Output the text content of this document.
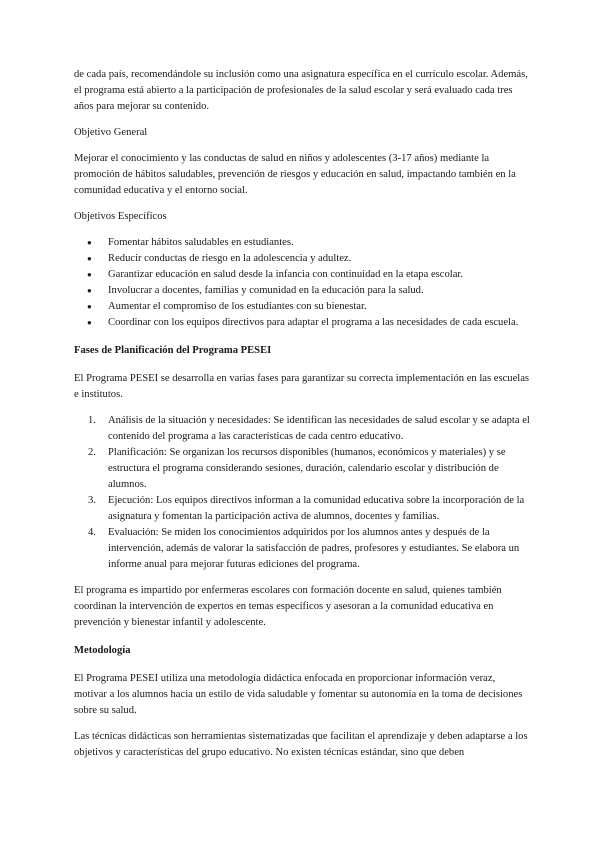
de cada país, recomendándole su inclusión como una asignatura específica en el currículo escolar. Además, el programa está abierto a la participación de profesionales de la salud escolar y será evaluado cada tres años para mejorar su contenido.

Objetivo General

Mejorar el conocimiento y las conductas de salud en niños y adolescentes (3-17 años) mediante la promoción de hábitos saludables, prevención de riesgos y educación en salud, impactando también en la comunidad educativa y el entorno social.

Objetivos Específicos

● Fomentar hábitos saludables en estudiantes.
● Reducir conductas de riesgo en la adolescencia y adultez.
● Garantizar educación en salud desde la infancia con continuidad en la etapa escolar.
● Involucrar a docentes, familias y comunidad en la educación para la salud.
● Aumentar el compromiso de los estudiantes con su bienestar.
● Coordinar con los equipos directivos para adaptar el programa a las necesidades de cada escuela.

Fases de Planificación del Programa PESEI

El Programa PESEI se desarrolla en varias fases para garantizar su correcta implementación en las escuelas e institutos.

1. Análisis de la situación y necesidades: Se identifican las necesidades de salud escolar y se adapta el contenido del programa a las características de cada centro educativo.
2. Planificación: Se organizan los recursos disponibles (humanos, económicos y materiales) y se estructura el programa considerando sesiones, duración, calendario escolar y distribución de alumnos.
3. Ejecución: Los equipos directivos informan a la comunidad educativa sobre la incorporación de la asignatura y fomentan la participación activa de alumnos, docentes y familias.
4. Evaluación: Se miden los conocimientos adquiridos por los alumnos antes y después de la intervención, además de valorar la satisfacción de padres, profesores y estudiantes. Se elabora un informe anual para mejorar futuras ediciones del programa.

El programa es impartido por enfermeras escolares con formación docente en salud, quienes también coordinan la intervención de expertos en temas específicos y asesoran a la comunidad educativa en prevención y bienestar infantil y adolescente.

Metodología

El Programa PESEI utiliza una metodología didáctica enfocada en proporcionar información veraz, motivar a los alumnos hacia un estilo de vida saludable y fomentar su autonomía en la toma de decisiones sobre su salud.

Las técnicas didácticas son herramientas sistematizadas que facilitan el aprendizaje y deben adaptarse a los objetivos y características del grupo educativo. No existen técnicas estándar, sino que deben
